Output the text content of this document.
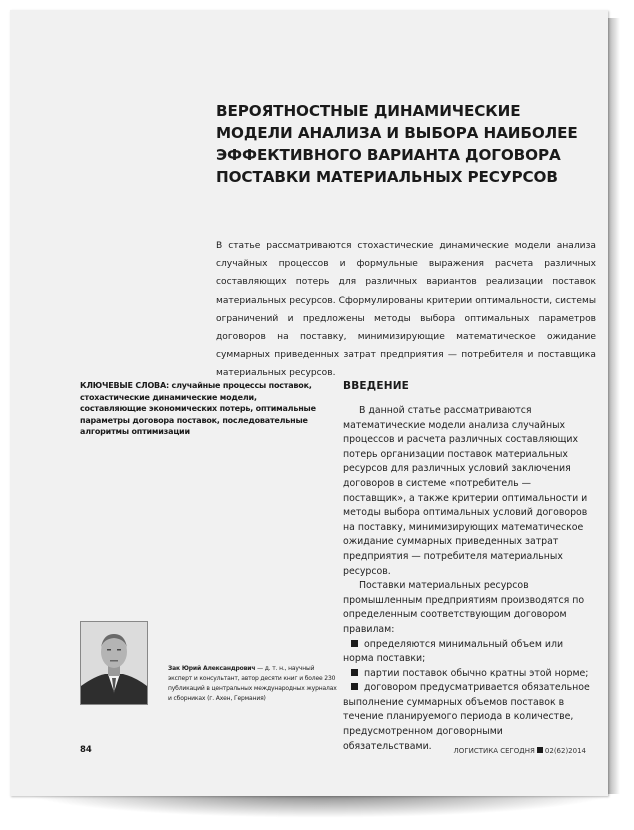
ВЕРОЯТНОСТНЫЕ ДИНАМИЧЕСКИЕ
МОДЕЛИ АНАЛИЗА И ВЫБОРА НАИБОЛЕЕ
ЭФФЕКТИВНОГО ВАРИАНТА ДОГОВОРА
ПОСТАВКИ МАТЕРИАЛЬНЫХ РЕСУРСОВ
В статье рассматриваются стохастические динамические модели анализа случайных процессов и формульные выражения расчета различных составляющих потерь для различных вариантов реализации поставок материальных ресурсов. Сформулированы критерии оптимальности, системы ограничений и предложены методы выбора оптимальных параметров договоров на поставку, минимизирующие математическое ожидание суммарных приведенных затрат предприятия — потребителя и поставщика материальных ресурсов.
КЛЮЧЕВЫЕ СЛОВА: случайные процессы поставок, стохастические динамические модели, составляющие экономических потерь, оптимальные параметры договора поставок, последовательные алгоритмы оптимизации
ВВЕДЕНИЕ

В данной статье рассматриваются математические модели анализа случайных процессов и расчета различных составляющих потерь организации поставок материальных ресурсов для различных условий заключения договоров в системе «потребитель — поставщик», а также критерии оптимальности и методы выбора оптимальных условий договоров на поставку, минимизирующих математическое ожидание суммарных приведенных затрат предприятия — потребителя материальных ресурсов.

Поставки материальных ресурсов промышленным предприятиям производятся по определенным соответствующим договором правилам:

определяются минимальный объем или норма поставки;

партии поставок обычно кратны этой норме;

договором предусматривается обязательное выполнение суммарных объемов поставок в течение планируемого периода в количестве, предусмотренном договорными обязательствами.

Зак Юрий Александрович — д. т. н., научный эксперт и консультант, автор десяти книг и более 230 публикаций в центральных международных журналах и сборниках (г. Ахен, Германия)
84	ЛОГИСТИКА СЕГОДНЯ 02(62)2014
